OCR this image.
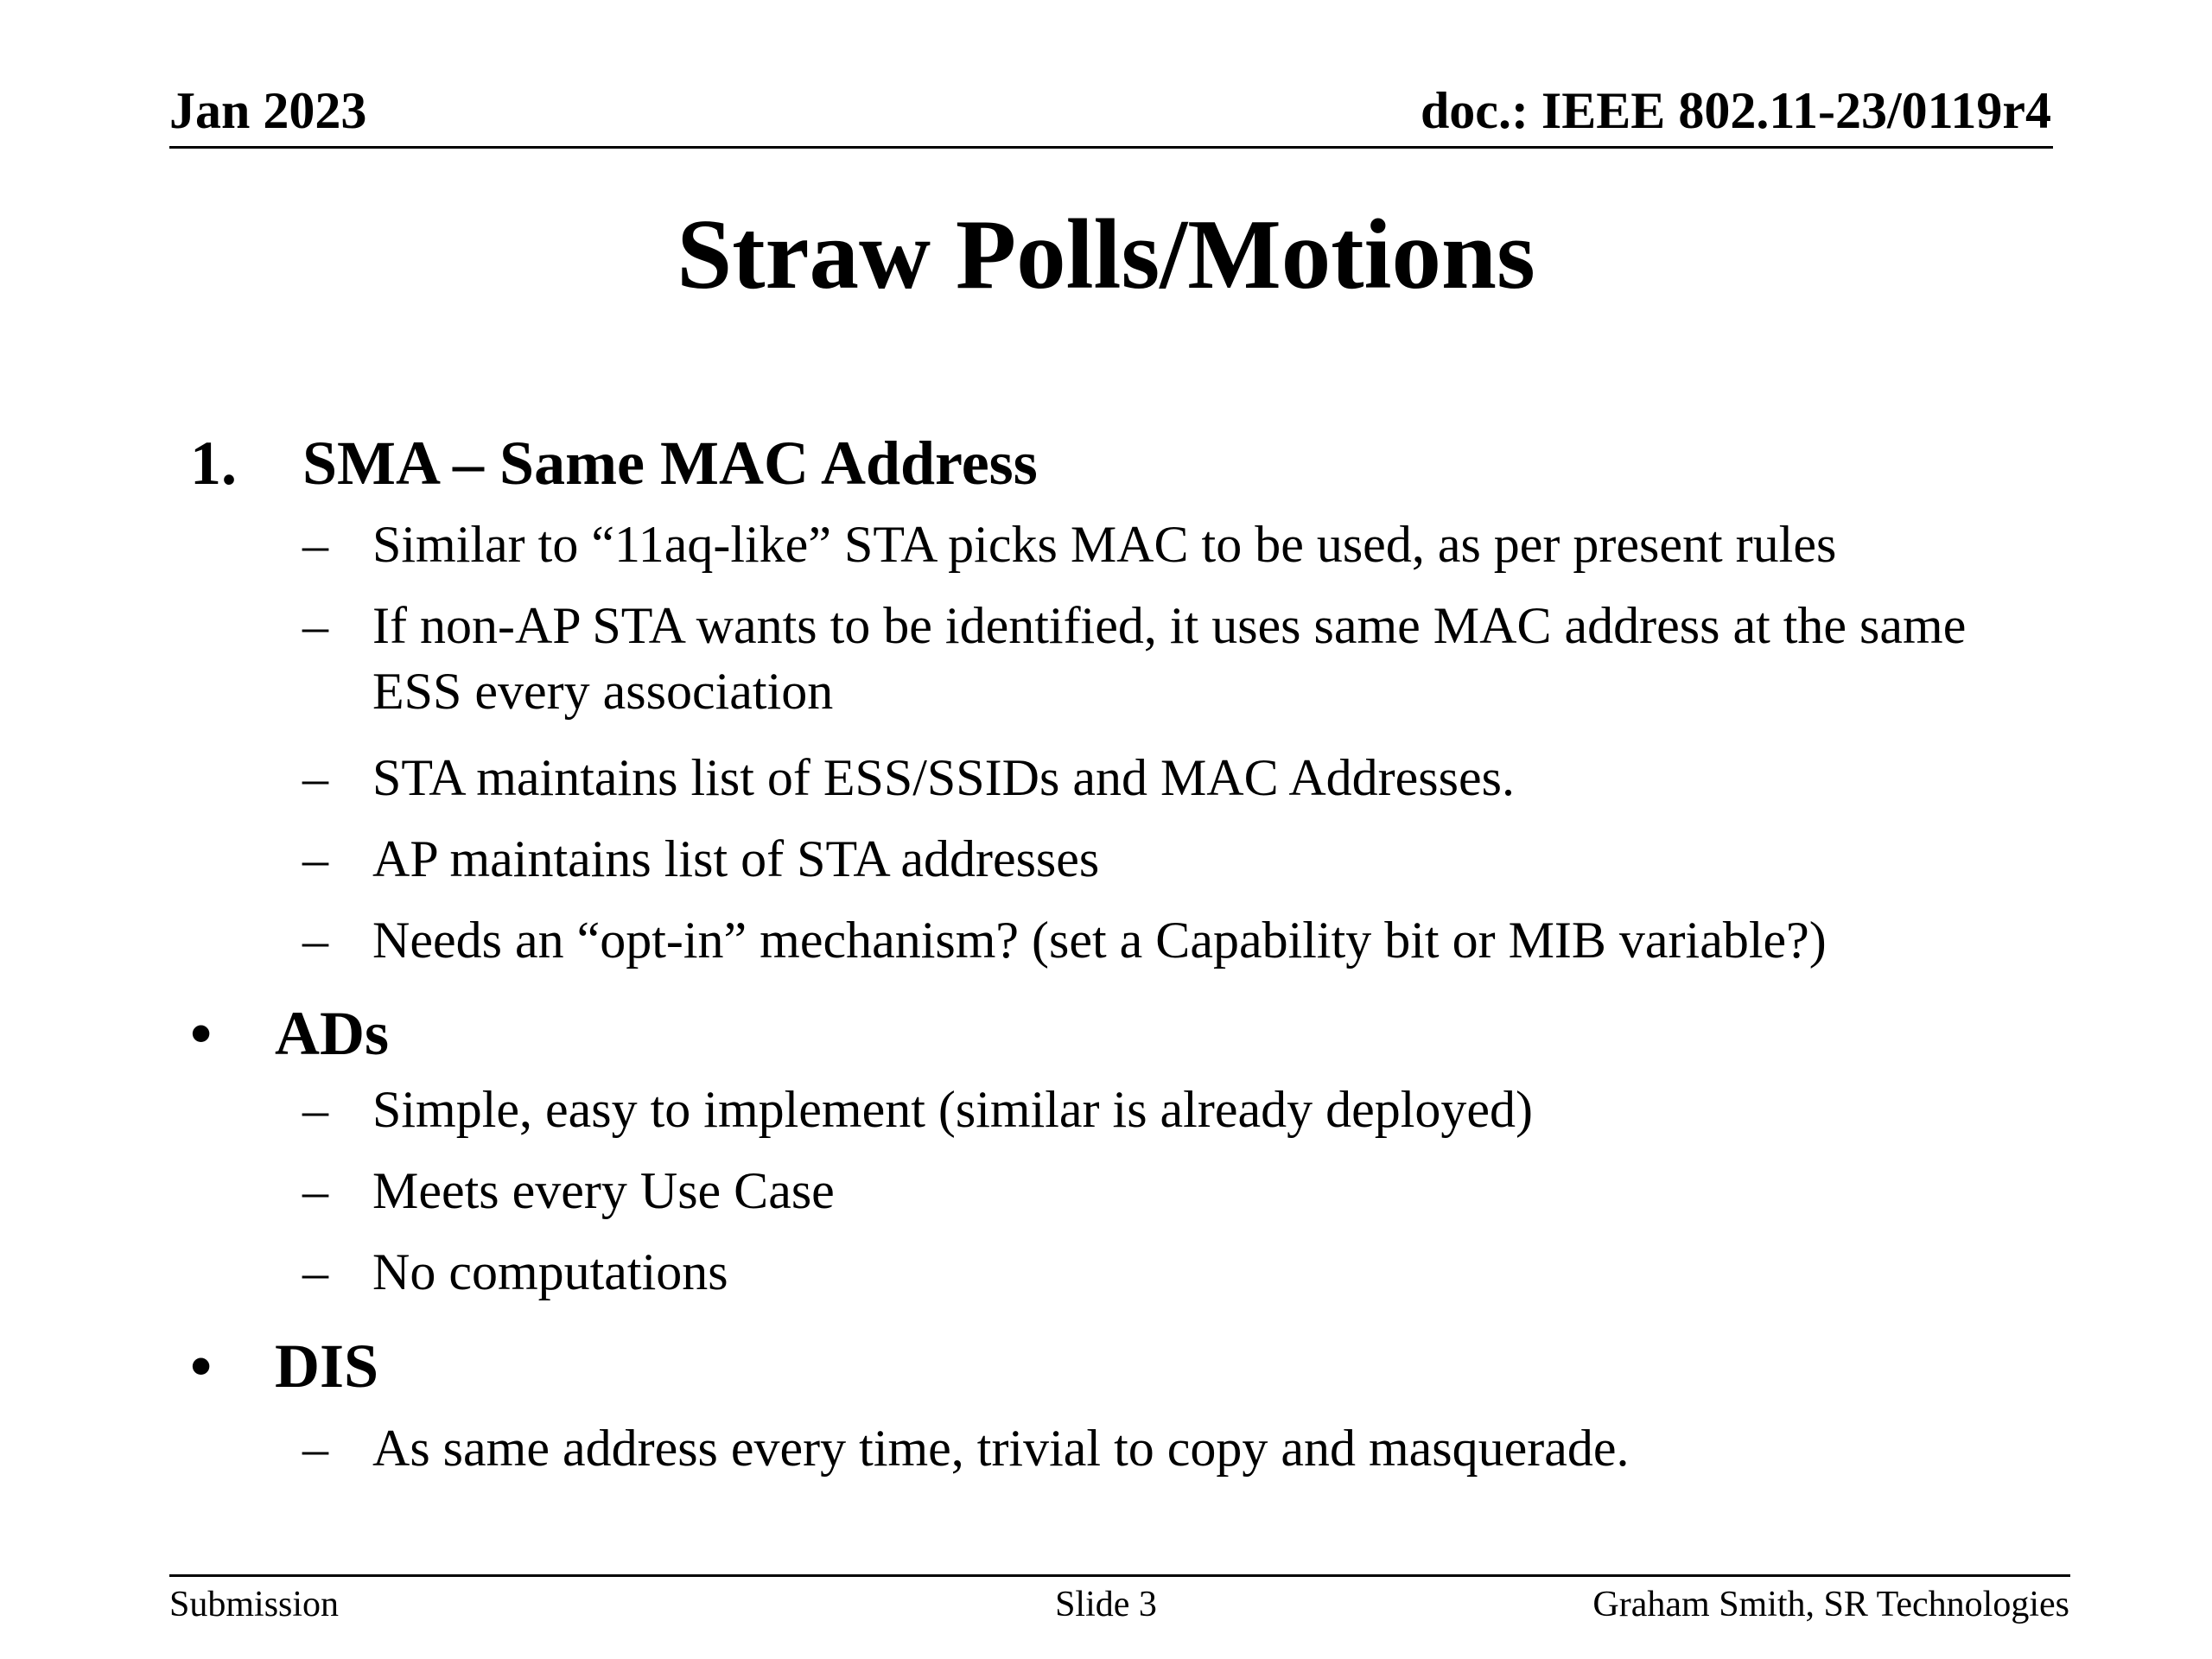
Jan 2023	doc.: IEEE 802.11-23/0119r4
Straw Polls/Motions
1. SMA – Same MAC Address
– Similar to “11aq-like” STA picks MAC to be used, as per present rules
– If non-AP STA wants to be identified, it uses same MAC address at the same ESS every association
– STA maintains list of ESS/SSIDs and MAC Addresses.
– AP maintains list of STA addresses
– Needs an “opt-in” mechanism? (set a Capability bit or MIB variable?)
• ADs
– Simple, easy to implement (similar is already deployed)
– Meets every Use Case
– No computations
• DIS
– As same address every time, trivial to copy and masquerade.
Submission	Slide 3	Graham Smith, SR Technologies
